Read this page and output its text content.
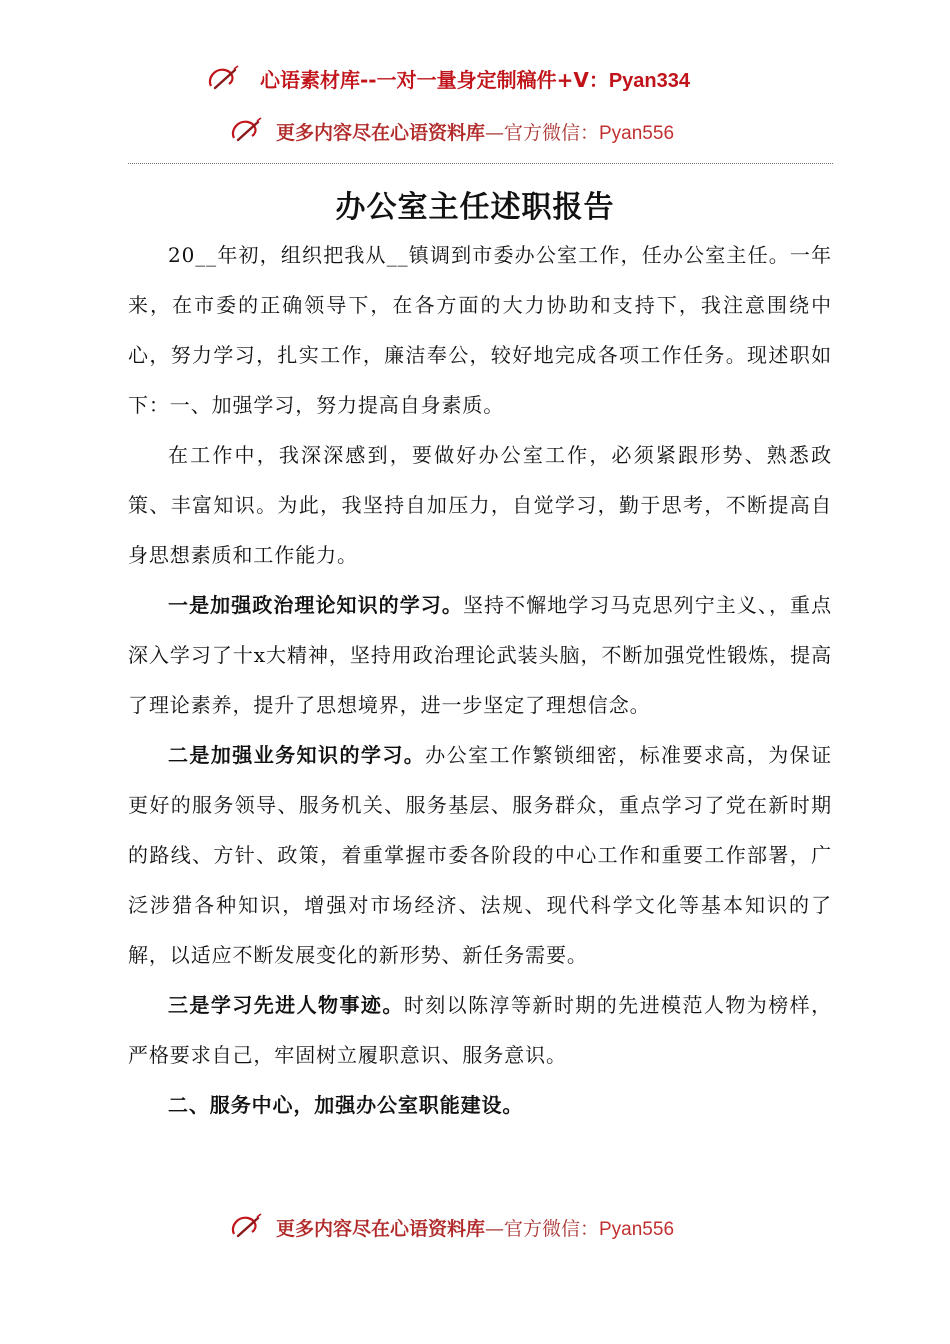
心语素材库--一对一量身定制稿件+V：Pyan334
更多内容尽在心语资料库—官方微信：Pyan556
办公室主任述职报告

20__年初，组织把我从__镇调到市委办公室工作，任办公室主任。一年来，在市委的正确领导下，在各方面的大力协助和支持下，我注意围绕中心，努力学习，扎实工作，廉洁奉公，较好地完成各项工作任务。现述职如下：一、加强学习，努力提高自身素质。

在工作中，我深深感到，要做好办公室工作，必须紧跟形势、熟悉政策、丰富知识。为此，我坚持自加压力，自觉学习，勤于思考，不断提高自身思想素质和工作能力。

一是加强政治理论知识的学习。坚持不懈地学习马克思列宁主义、，重点深入学习了十x大精神，坚持用政治理论武装头脑，不断加强党性锻炼，提高了理论素养，提升了思想境界，进一步坚定了理想信念。

二是加强业务知识的学习。办公室工作繁锁细密，标准要求高，为保证更好的服务领导、服务机关、服务基层、服务群众，重点学习了党在新时期的路线、方针、政策，着重掌握市委各阶段的中心工作和重要工作部署，广泛涉猎各种知识，增强对市场经济、法规、现代科学文化等基本知识的了解，以适应不断发展变化的新形势、新任务需要。

三是学习先进人物事迹。时刻以陈淳等新时期的先进模范人物为榜样，严格要求自己，牢固树立履职意识、服务意识。

二、服务中心，加强办公室职能建设。

更多内容尽在心语资料库—官方微信：Pyan556
